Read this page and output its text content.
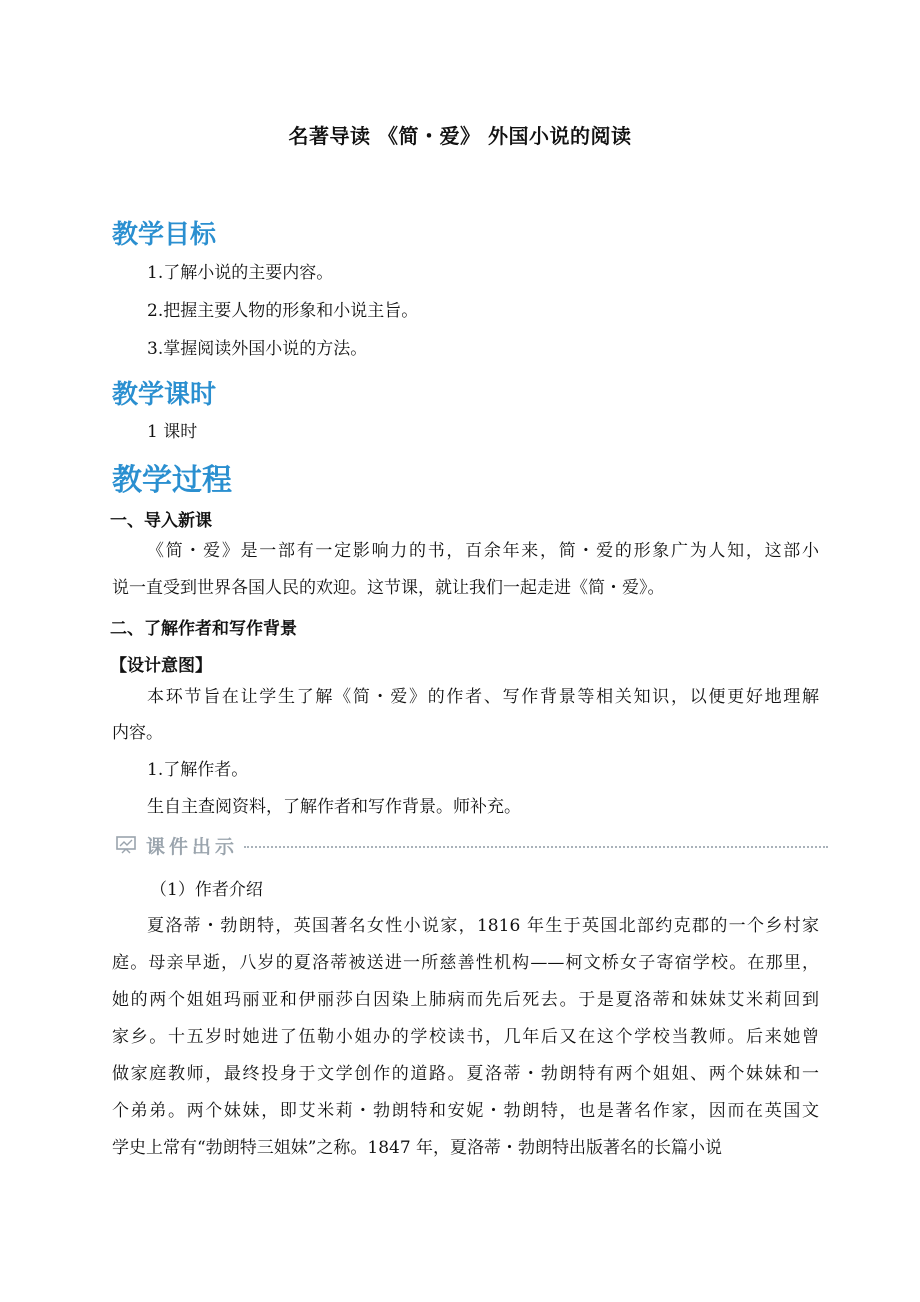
名著导读 《简・爱》 外国小说的阅读
教学目标
1.了解小说的主要内容。
2.把握主要人物的形象和小说主旨。
3.掌握阅读外国小说的方法。
教学课时
1 课时
教学过程
一、导入新课
《简・爱》是一部有一定影响力的书，百余年来，简・爱的形象广为人知，这部小
说一直受到世界各国人民的欢迎。这节课，就让我们一起走进《简・爱》。
二、了解作者和写作背景
【设计意图】
本环节旨在让学生了解《简・爱》的作者、写作背景等相关知识，以便更好地理解
内容。
1.了解作者。
生自主查阅资料，了解作者和写作背景。师补充。
课件出示
（1）作者介绍
夏洛蒂・勃朗特，英国著名女性小说家，1816 年生于英国北部约克郡的一个乡村家
庭。母亲早逝，八岁的夏洛蒂被送进一所慈善性机构——柯文桥女子寄宿学校。在那里，
她的两个姐姐玛丽亚和伊丽莎白因染上肺病而先后死去。于是夏洛蒂和妹妹艾米莉回到
家乡。十五岁时她进了伍勒小姐办的学校读书，几年后又在这个学校当教师。后来她曾
做家庭教师，最终投身于文学创作的道路。夏洛蒂・勃朗特有两个姐姐、两个妹妹和一
个弟弟。两个妹妹，即艾米莉・勃朗特和安妮・勃朗特，也是著名作家，因而在英国文
学史上常有“勃朗特三姐妹”之称。1847 年，夏洛蒂・勃朗特出版著名的长篇小说
